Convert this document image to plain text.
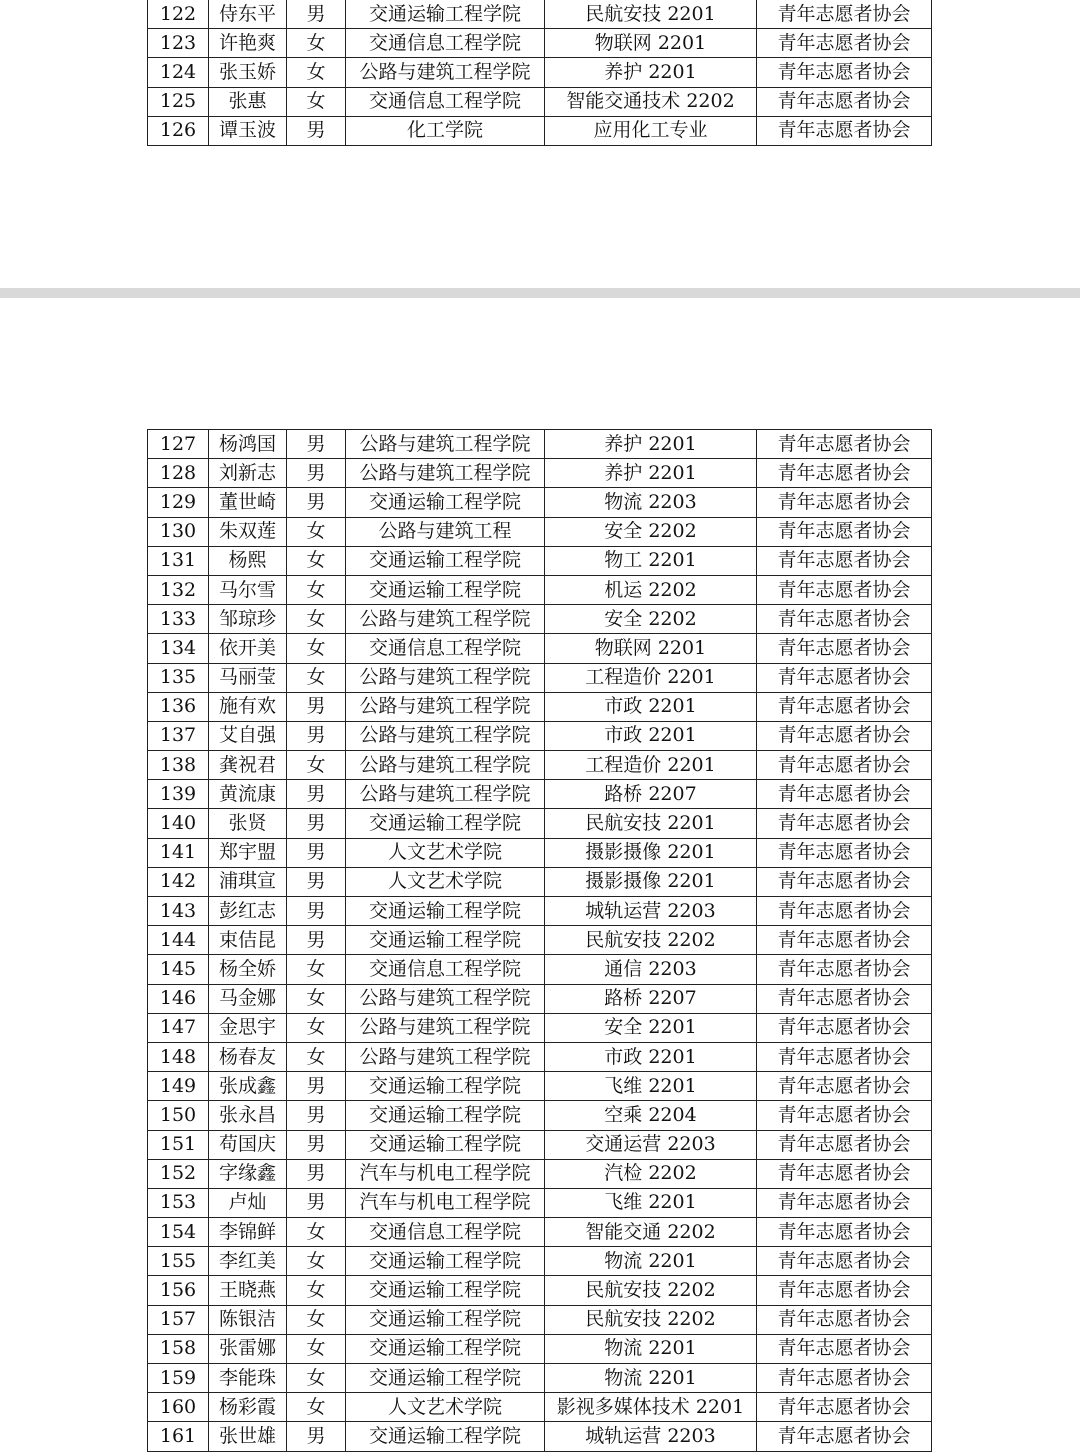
122	侍东平	男	交通运输工程学院	民航安技 2201	青年志愿者协会
123	许艳爽	女	交通信息工程学院	物联网 2201	青年志愿者协会
124	张玉娇	女	公路与建筑工程学院	养护 2201	青年志愿者协会
125	张惠	女	交通信息工程学院	智能交通技术 2202	青年志愿者协会
126	谭玉波	男	化工学院	应用化工专业	青年志愿者协会
127	杨鸿国	男	公路与建筑工程学院	养护 2201	青年志愿者协会
128	刘新志	男	公路与建筑工程学院	养护 2201	青年志愿者协会
129	董世崎	男	交通运输工程学院	物流 2203	青年志愿者协会
130	朱双莲	女	公路与建筑工程	安全 2202	青年志愿者协会
131	杨熙	女	交通运输工程学院	物工 2201	青年志愿者协会
132	马尔雪	女	交通运输工程学院	机运 2202	青年志愿者协会
133	邹琼珍	女	公路与建筑工程学院	安全 2202	青年志愿者协会
134	依开美	女	交通信息工程学院	物联网 2201	青年志愿者协会
135	马丽莹	女	公路与建筑工程学院	工程造价 2201	青年志愿者协会
136	施有欢	男	公路与建筑工程学院	市政 2201	青年志愿者协会
137	艾自强	男	公路与建筑工程学院	市政 2201	青年志愿者协会
138	龚祝君	女	公路与建筑工程学院	工程造价 2201	青年志愿者协会
139	黄流康	男	公路与建筑工程学院	路桥 2207	青年志愿者协会
140	张贤	男	交通运输工程学院	民航安技 2201	青年志愿者协会
141	郑宇盟	男	人文艺术学院	摄影摄像 2201	青年志愿者协会
142	浦琪宣	男	人文艺术学院	摄影摄像 2201	青年志愿者协会
143	彭红志	男	交通运输工程学院	城轨运营 2203	青年志愿者协会
144	束佶昆	男	交通运输工程学院	民航安技 2202	青年志愿者协会
145	杨全娇	女	交通信息工程学院	通信 2203	青年志愿者协会
146	马金娜	女	公路与建筑工程学院	路桥 2207	青年志愿者协会
147	金思宇	女	公路与建筑工程学院	安全 2201	青年志愿者协会
148	杨春友	女	公路与建筑工程学院	市政 2201	青年志愿者协会
149	张成鑫	男	交通运输工程学院	飞维 2201	青年志愿者协会
150	张永昌	男	交通运输工程学院	空乘 2204	青年志愿者协会
151	苟国庆	男	交通运输工程学院	交通运营 2203	青年志愿者协会
152	字缘鑫	男	汽车与机电工程学院	汽检 2202	青年志愿者协会
153	卢灿	男	汽车与机电工程学院	飞维 2201	青年志愿者协会
154	李锦鲜	女	交通信息工程学院	智能交通 2202	青年志愿者协会
155	李红美	女	交通运输工程学院	物流 2201	青年志愿者协会
156	王晓燕	女	交通运输工程学院	民航安技 2202	青年志愿者协会
157	陈银洁	女	交通运输工程学院	民航安技 2202	青年志愿者协会
158	张雷娜	女	交通运输工程学院	物流 2201	青年志愿者协会
159	李能珠	女	交通运输工程学院	物流 2201	青年志愿者协会
160	杨彩霞	女	人文艺术学院	影视多媒体技术 2201	青年志愿者协会
161	张世雄	男	交通运输工程学院	城轨运营 2203	青年志愿者协会
